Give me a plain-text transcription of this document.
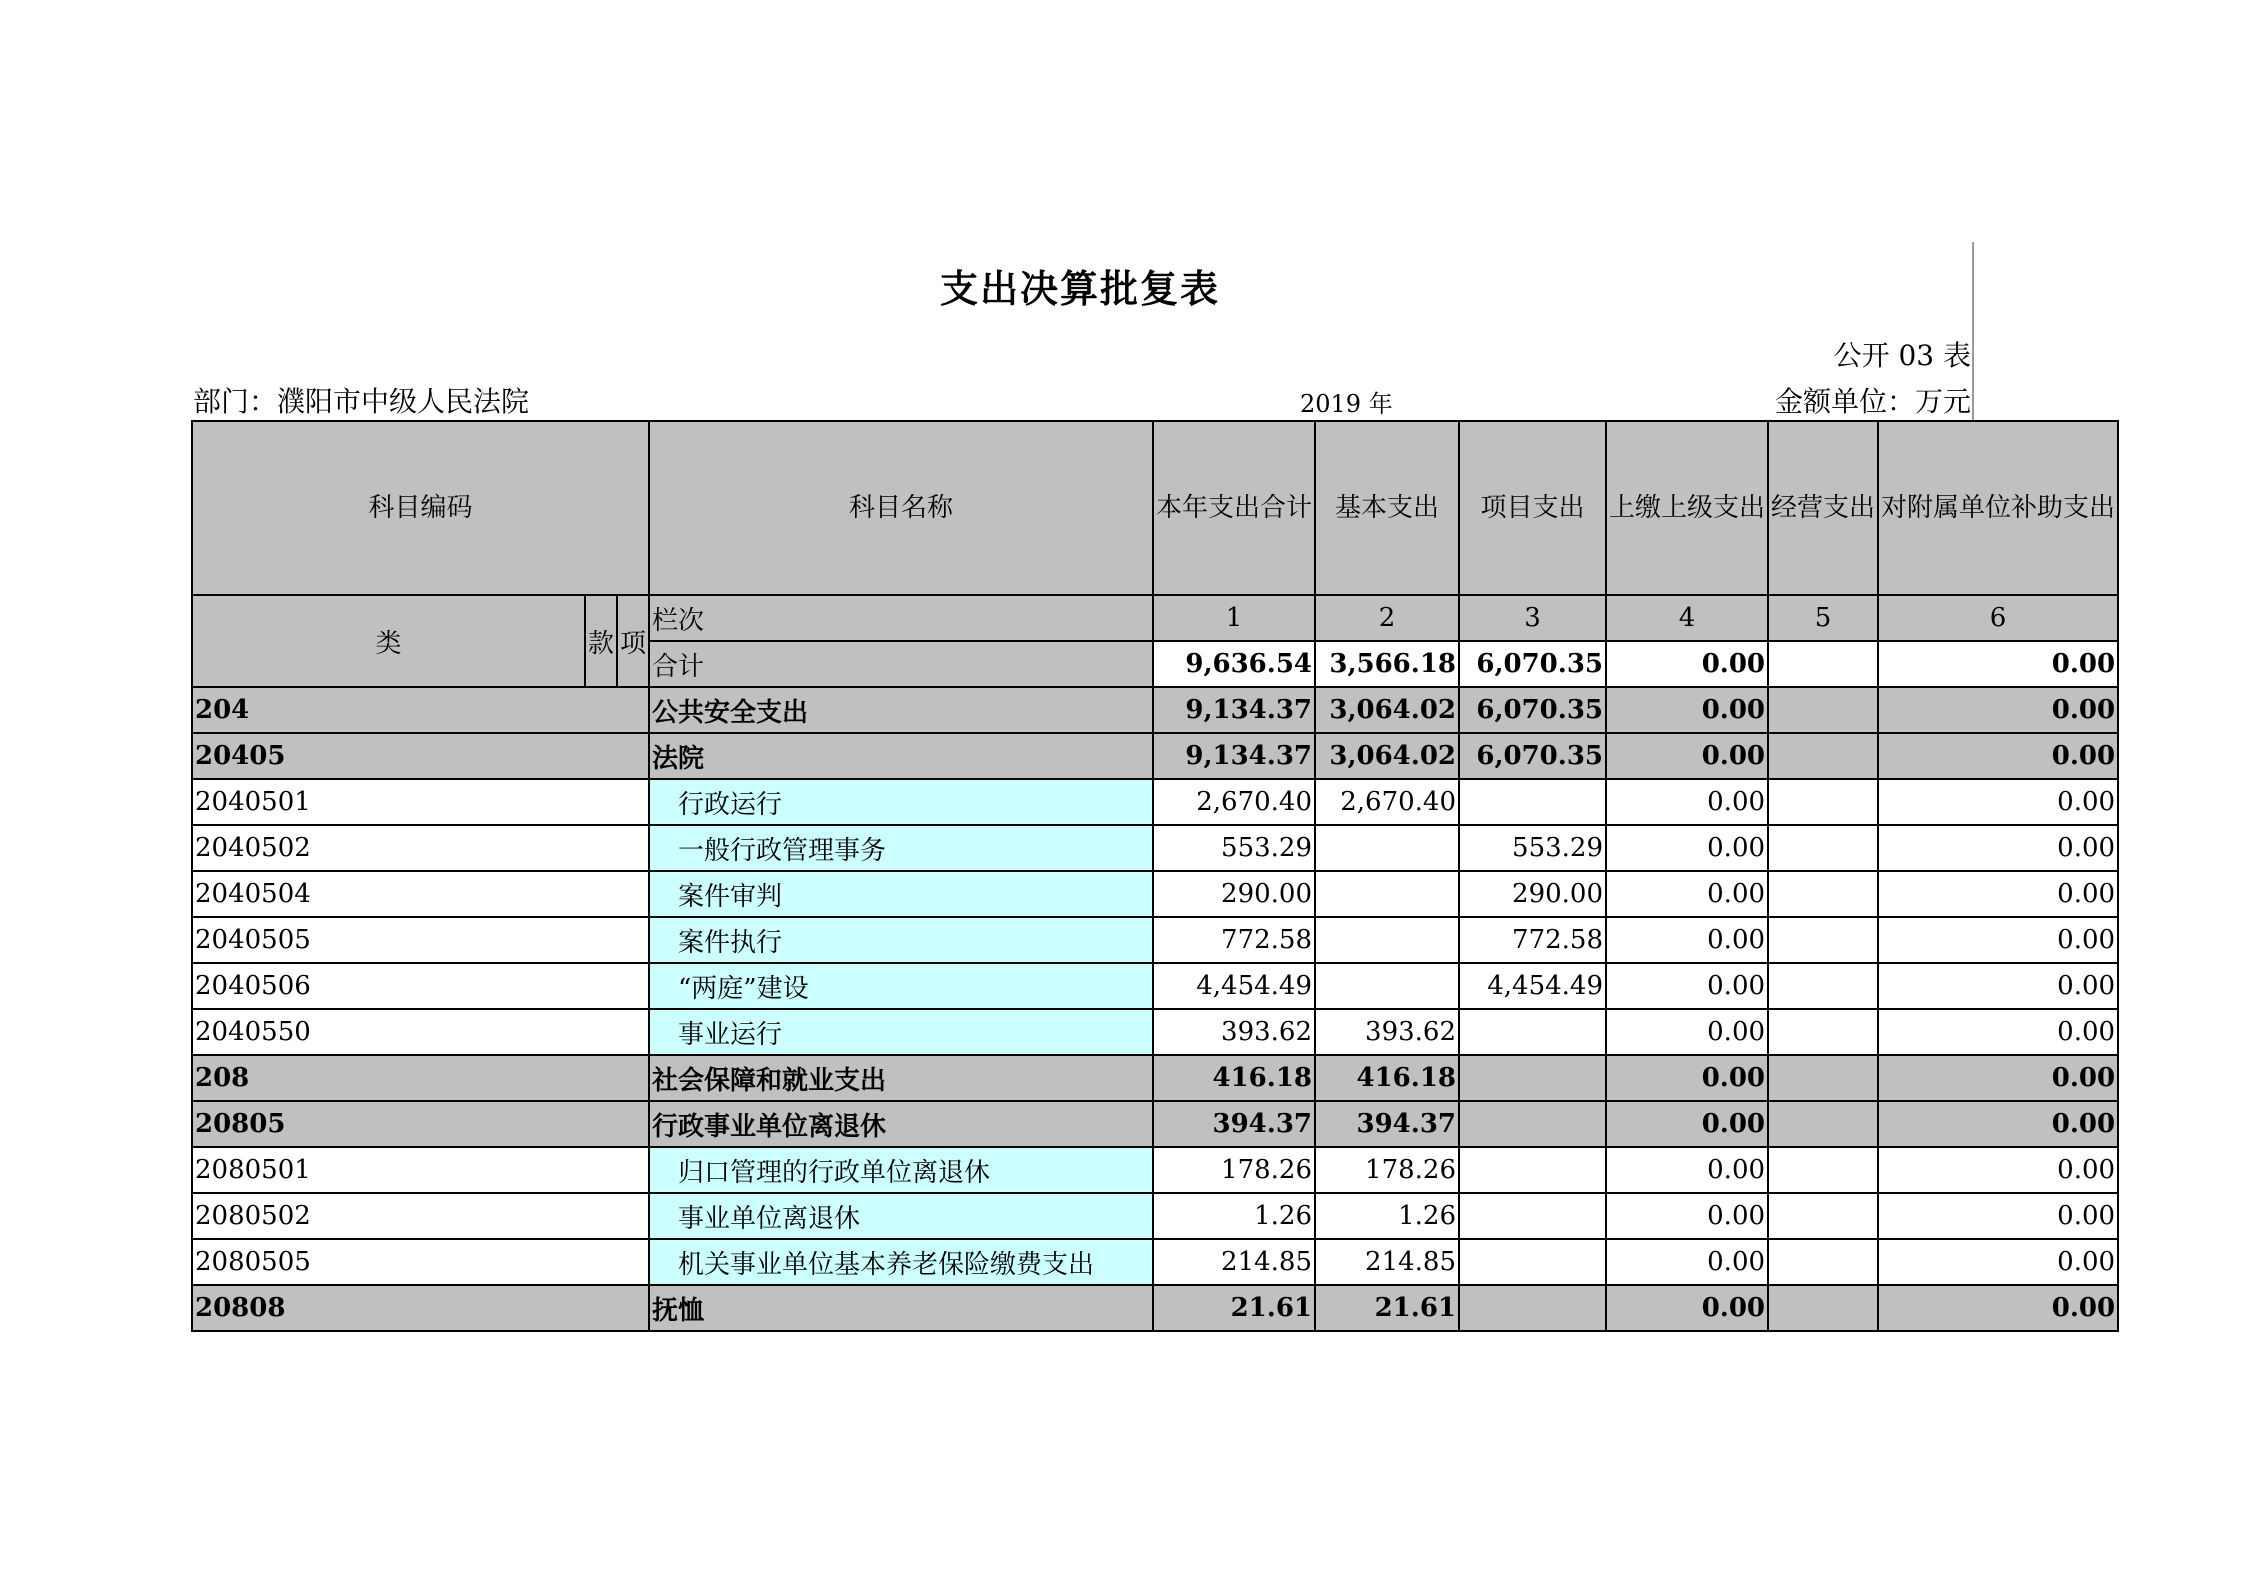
支出决算批复表
公开 03 表
部门：濮阳市中级人民法院	2019 年	金额单位：万元
科目编码			科目名称	本年支出合计	基本支出	项目支出	上缴上级支出	经营支出	对附属单位补助支出
类	款	项	栏次	1	2	3	4	5	6
			合计	9,636.54	3,566.18	6,070.35	0.00		0.00
204			公共安全支出	9,134.37	3,064.02	6,070.35	0.00		0.00
20405			法院	9,134.37	3,064.02	6,070.35	0.00		0.00
2040501			行政运行	2,670.40	2,670.40		0.00		0.00
2040502			一般行政管理事务	553.29		553.29	0.00		0.00
2040504			案件审判	290.00		290.00	0.00		0.00
2040505			案件执行	772.58		772.58	0.00		0.00
2040506			“两庭”建设	4,454.49		4,454.49	0.00		0.00
2040550			事业运行	393.62	393.62		0.00		0.00
208			社会保障和就业支出	416.18	416.18		0.00		0.00
20805			行政事业单位离退休	394.37	394.37		0.00		0.00
2080501			归口管理的行政单位离退休	178.26	178.26		0.00		0.00
2080502			事业单位离退休	1.26	1.26		0.00		0.00
2080505			机关事业单位基本养老保险缴费支出	214.85	214.85		0.00		0.00
20808			抚恤	21.61	21.61		0.00		0.00
